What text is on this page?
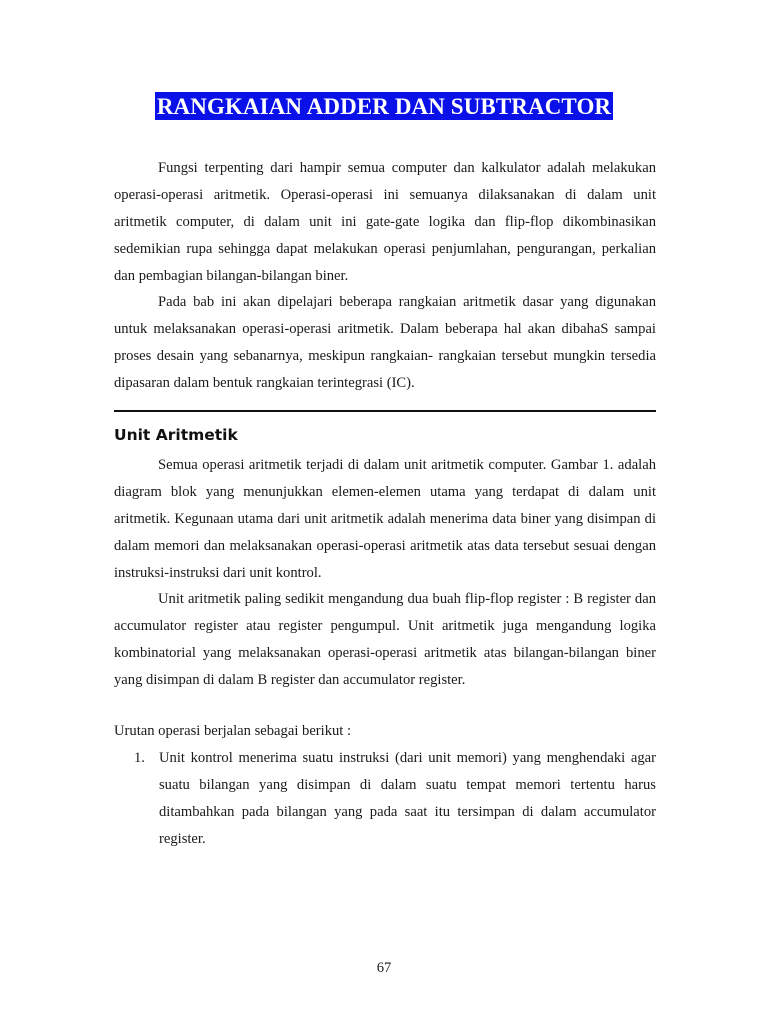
RANGKAIAN ADDER DAN SUBTRACTOR

Fungsi terpenting dari hampir semua computer dan kalkulator adalah melakukan operasi-operasi aritmetik. Operasi-operasi ini semuanya dilaksanakan di dalam unit aritmetik computer, di dalam unit ini gate-gate logika dan flip-flop dikombinasikan sedemikian rupa sehingga dapat melakukan operasi penjumlahan, pengurangan, perkalian dan pembagian bilangan-bilangan biner.

Pada bab ini akan dipelajari beberapa rangkaian aritmetik dasar yang digunakan untuk melaksanakan operasi-operasi aritmetik. Dalam beberapa hal akan dibahaS sampai proses desain yang sebanarnya, meskipun rangkaian- rangkaian tersebut mungkin tersedia dipasaran dalam bentuk rangkaian terintegrasi (IC).

Unit Aritmetik

Semua operasi aritmetik terjadi di dalam unit aritmetik computer. Gambar 1. adalah diagram blok yang menunjukkan elemen-elemen utama yang terdapat di dalam unit aritmetik. Kegunaan utama dari unit aritmetik adalah menerima data biner yang disimpan di dalam memori dan melaksanakan operasi-operasi aritmetik atas data tersebut sesuai dengan instruksi-instruksi dari unit kontrol.

Unit aritmetik paling sedikit mengandung dua buah flip-flop register : B register dan accumulator register atau register pengumpul. Unit aritmetik juga mengandung logika kombinatorial yang melaksanakan operasi-operasi aritmetik atas bilangan-bilangan biner yang disimpan di dalam B register dan accumulator register.

Urutan operasi berjalan sebagai berikut :

1. Unit kontrol menerima suatu instruksi (dari unit memori) yang menghendaki agar suatu bilangan yang disimpan di dalam suatu tempat memori tertentu harus ditambahkan pada bilangan yang pada saat itu tersimpan di dalam accumulator register.

67
